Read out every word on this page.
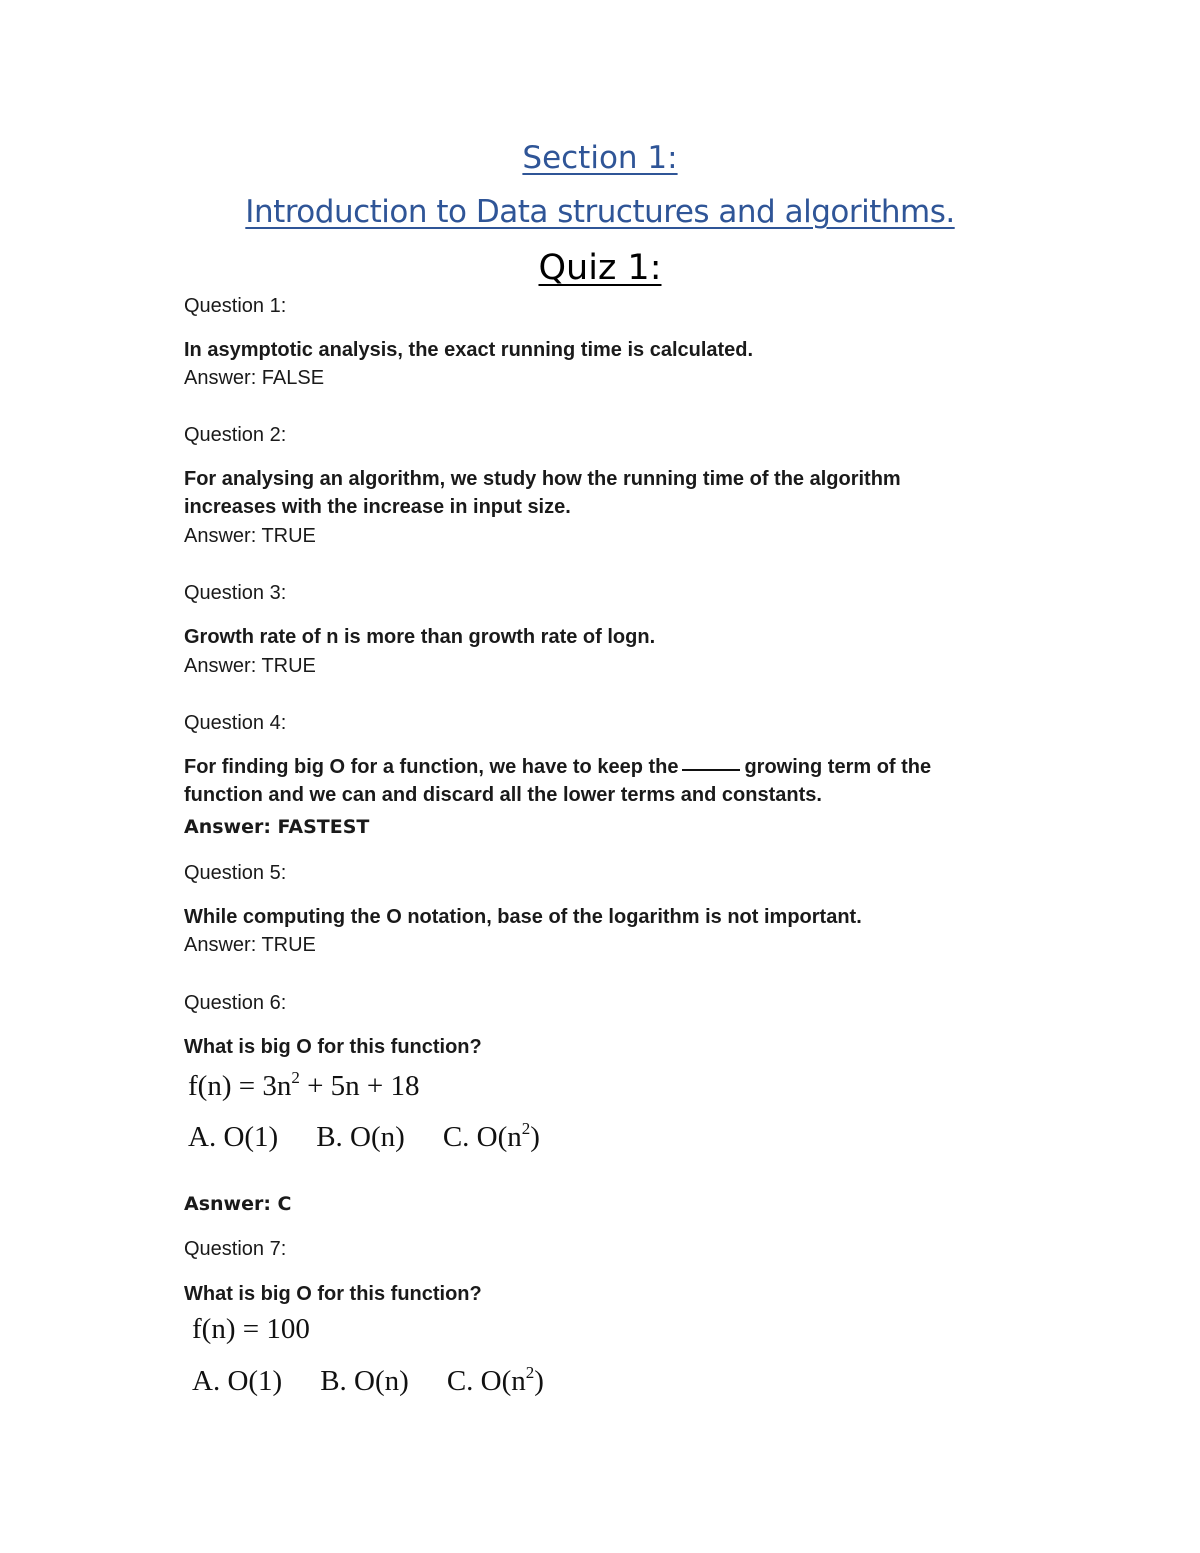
Section 1:
Introduction to Data structures and algorithms.
Quiz 1:
Question 1:
In asymptotic analysis, the exact running time is calculated.
Answer: FALSE
Question 2:
For analysing an algorithm, we study how the running time of the algorithm
increases with the increase in input size.
Answer: TRUE
Question 3:
Growth rate of n is more than growth rate of logn.
Answer: TRUE
Question 4:
For finding big O for a function, we have to keep the	growing term of the
function and we can and discard all the lower terms and constants.
Answer: FASTEST
Question 5:
While computing the O notation, base of the logarithm is not important.
Answer: TRUE
Question 6:
What is big O for this function?
$f(n) = 3n^2 + 5n + 18$
A. O(1) B. O(n) C. $O(n^2)$
Asnwer: C
Question 7:
What is big O for this function?
f(n) = 100
A. O(1) B. O(n) C. $O(n^2)$
